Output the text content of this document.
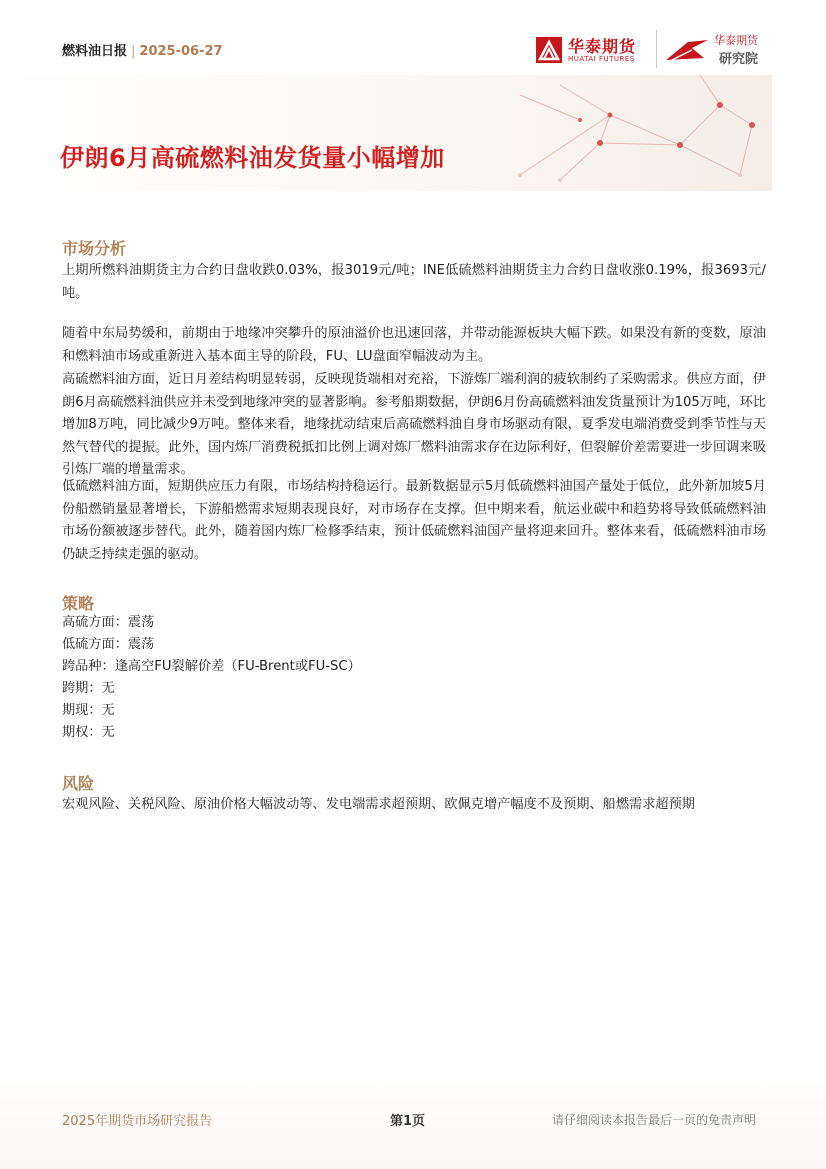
燃料油日报 | 2025-06-27	华泰期货
HUATAI FUTURES
华泰期货
研究院
伊朗6月高硫燃料油发货量小幅增加
市场分析
上期所燃料油期货主力合约日盘收跌0.03%，报3019元/吨；INE低硫燃料油期货主力合约日盘收涨0.19%，报3693元/吨。
随着中东局势缓和，前期由于地缘冲突攀升的原油溢价也迅速回落，并带动能源板块大幅下跌。如果没有新的变数，原油和燃料油市场或重新进入基本面主导的阶段，FU、LU盘面窄幅波动为主。
高硫燃料油方面，近日月差结构明显转弱，反映现货端相对充裕，下游炼厂端利润的疲软制约了采购需求。供应方面，伊朗6月高硫燃料油供应并未受到地缘冲突的显著影响。参考船期数据，伊朗6月份高硫燃料油发货量预计为105万吨，环比增加8万吨，同比减少9万吨。整体来看，地缘扰动结束后高硫燃料油自身市场驱动有限，夏季发电端消费受到季节性与天然气替代的提振。此外，国内炼厂消费税抵扣比例上调对炼厂燃料油需求存在边际利好，但裂解价差需要进一步回调来吸引炼厂端的增量需求。
低硫燃料油方面，短期供应压力有限，市场结构持稳运行。最新数据显示5月低硫燃料油国产量处于低位，此外新加坡5月份船燃销量显著增长，下游船燃需求短期表现良好，对市场存在支撑。但中期来看，航运业碳中和趋势将导致低硫燃料油市场份额被逐步替代。此外，随着国内炼厂检修季结束，预计低硫燃料油国产量将迎来回升。整体来看，低硫燃料油市场仍缺乏持续走强的驱动。
策略
高硫方面：震荡
低硫方面：震荡
跨品种：逢高空FU裂解价差（FU-Brent或FU-SC）
跨期：无
期现：无
期权：无
风险
宏观风险、关税风险、原油价格大幅波动等、发电端需求超预期、欧佩克增产幅度不及预期、船燃需求超预期
2025年期货市场研究报告	第1页	请仔细阅读本报告最后一页的免责声明
